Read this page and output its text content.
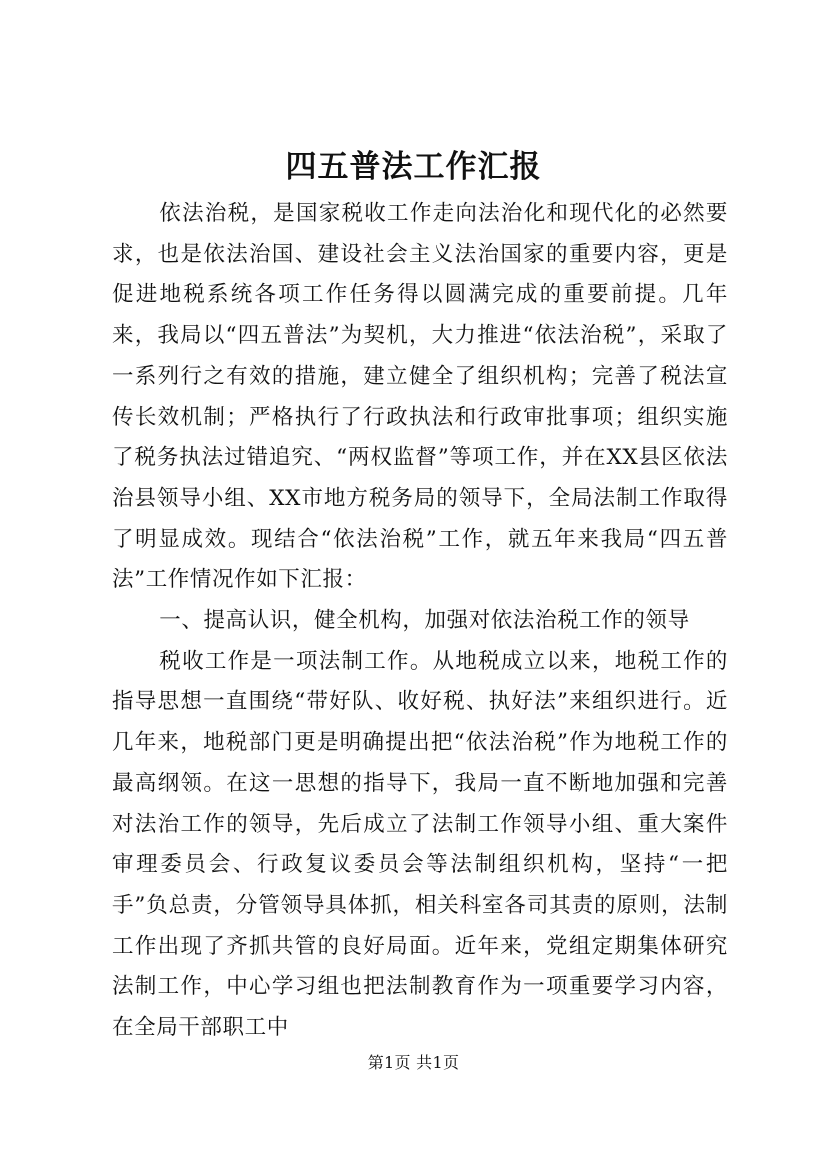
四五普法工作汇报

依法治税，是国家税收工作走向法治化和现代化的必然要求，也是依法治国、建设社会主义法治国家的重要内容，更是促进地税系统各项工作任务得以圆满完成的重要前提。几年来，我局以“四五普法”为契机，大力推进“依法治税”，采取了一系列行之有效的措施，建立健全了组织机构；完善了税法宣传长效机制；严格执行了行政执法和行政审批事项；组织实施了税务执法过错追究、“两权监督”等项工作，并在XX县区依法治县领导小组、XX市地方税务局的领导下，全局法制工作取得了明显成效。现结合“依法治税”工作，就五年来我局“四五普法”工作情况作如下汇报：

一、提高认识，健全机构，加强对依法治税工作的领导

税收工作是一项法制工作。从地税成立以来，地税工作的指导思想一直围绕“带好队、收好税、执好法”来组织进行。近几年来，地税部门更是明确提出把“依法治税”作为地税工作的最高纲领。在这一思想的指导下，我局一直不断地加强和完善对法治工作的领导，先后成立了法制工作领导小组、重大案件审理委员会、行政复议委员会等法制组织机构，坚持“一把手”负总责，分管领导具体抓，相关科室各司其责的原则，法制工作出现了齐抓共管的良好局面。近年来，党组定期集体研究法制工作，中心学习组也把法制教育作为一项重要学习内容，在全局干部职工中

第1页 共1页
